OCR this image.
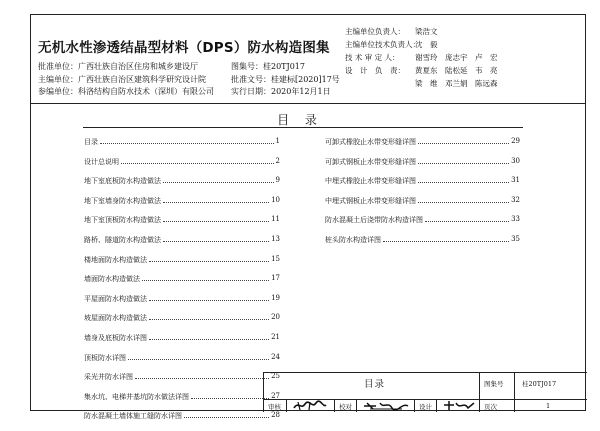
无机水性渗透结晶型材料（DPS）防水构造图集
批准单位：广西壮族自治区住房和城乡建设厅
主编单位：广西壮族自治区建筑科学研究设计院
参编单位：科洛结构自防水技术（深圳）有限公司
图集号：桂20TJ017
批准文号：桂建标[2020]17号
实行日期：2020年12月1日
主编单位负责人： 梁浩文
主编单位技术负责人：沈　毅
技 术 审 定 人： 谢雪玲　庞志宇　卢　宏
设　计　负　责： 黄夏东　陆松延　韦　亮
梁　维　邓兰娟　陈远森
目 录
目录	1
设计总说明	2
地下室底板防水构造做法	9
地下室墙身防水构造做法	10
地下室顶板防水构造做法	11
路桥、隧道防水构造做法	13
楼地面防水构造做法	15
墙面防水构造做法	17
平屋面防水构造做法	19
坡屋面防水构造做法	20
墙身及底板防水详图	21
顶板防水详图	24
采光井防水详图	25
集水坑、电梯井基坑防水做法详图	27
防水混凝土墙体施工缝防水详图	28
可卸式橡胶止水带变形缝详图	29
可卸式钢板止水带变形缝详图	30
中埋式橡胶止水带变形缝详图	31
中埋式钢板止水带变形缝详图	32
防水混凝土后浇带防水构造详图	33
桩头防水构造详图	35
目录	图集号	桂20TJ017
审核	校对	设计	页次	1
